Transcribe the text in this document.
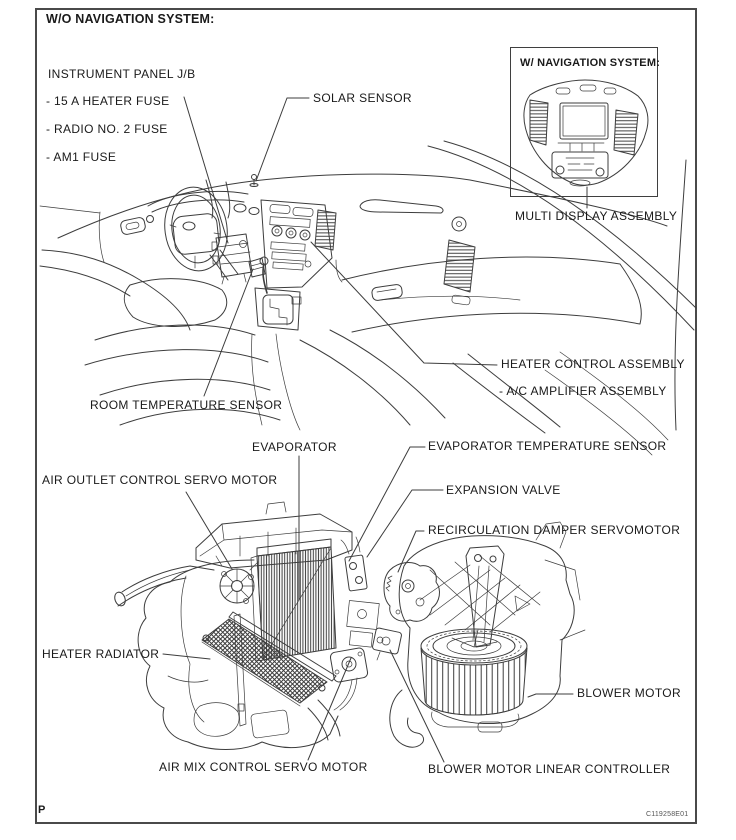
W/O NAVIGATION SYSTEM:
INSTRUMENT PANEL J/B
- 15 A HEATER FUSE
- RADIO NO. 2 FUSE
- AM1 FUSE
SOLAR SENSOR
W/ NAVIGATION SYSTEM:
MULTI DISPLAY ASSEMBLY
HEATER CONTROL ASSEMBLY
- A/C AMPLIFIER ASSEMBLY
ROOM TEMPERATURE SENSOR
EVAPORATOR	EVAPORATOR TEMPERATURE SENSOR
AIR OUTLET CONTROL SERVO MOTOR
EXPANSION VALVE
RECIRCULATION DAMPER SERVOMOTOR
HEATER RADIATOR
AIR MIX CONTROL SERVO MOTOR
BLOWER MOTOR
BLOWER MOTOR LINEAR CONTROLLER
P	C119258E01
